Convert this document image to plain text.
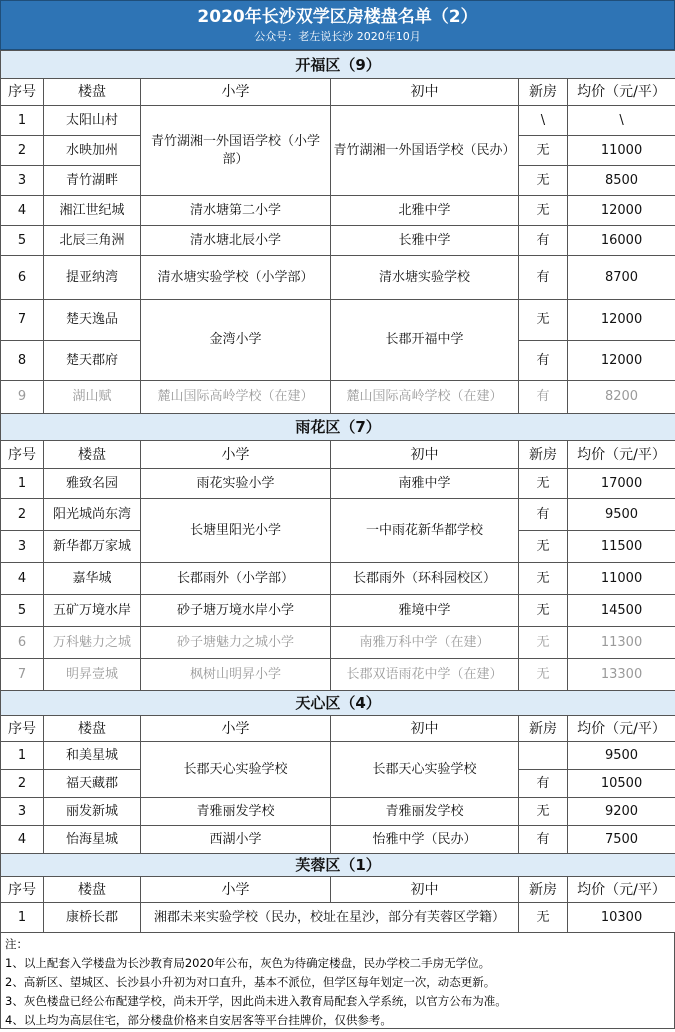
2020年长沙双学区房楼盘名单（2）
公众号：老左说长沙 2020年10月
开福区（9）					
序号	楼盘	小学	初中	新房	均价（元/平）
1	太阳山村	青竹湖湘一外国语学校（小学部）	青竹湖湘一外国语学校（民办）	\	\
2	水映加州			无	11000
3	青竹湖畔			无	8500
4	湘江世纪城	清水塘第二小学	北雅中学	无	12000
5	北辰三角洲	清水塘北辰小学	长雅中学	有	16000
6	提亚纳湾	清水塘实验学校（小学部）	清水塘实验学校	有	8700
7	楚天逸品	金湾小学	长郡开福中学	无	12000
8	楚天郡府			有	12000
9	湖山赋	麓山国际高岭学校（在建）	麓山国际高岭学校（在建）	有	8200
雨花区（7）					
序号	楼盘	小学	初中	新房	均价（元/平）
1	雅致名园	雨花实验小学	南雅中学	无	17000
2	阳光城尚东湾	长塘里阳光小学	一中雨花新华都学校	有	9500
3	新华都万家城			无	11500
4	嘉华城	长郡雨外（小学部）	长郡雨外（环科园校区）	无	11000
5	五矿万境水岸	砂子塘万境水岸小学	雅境中学	无	14500
6	万科魅力之城	砂子塘魅力之城小学	南雅万科中学（在建）	无	11300
7	明昇壹城	枫树山明昇小学	长郡双语雨花中学（在建）	无	13300
天心区（4）					
序号	楼盘	小学	初中	新房	均价（元/平）
1	和美星城	长郡天心实验学校	长郡天心实验学校		9500
2	福天藏郡			有	10500
3	丽发新城	青雅丽发学校	青雅丽发学校	无	9200
4	怡海星城	西湖小学	怡雅中学（民办）	有	7500
芙蓉区（1）					
序号	楼盘	小学	初中	新房	均价（元/平）
1	康桥长郡	湘郡未来实验学校（民办，校址在星沙，部分有芙蓉区学籍）		无	10300
注：
1、以上配套入学楼盘为长沙教育局2020年公布，灰色为待确定楼盘，民办学校二手房无学位。
2、高新区、望城区、长沙县小升初为对口直升，基本不派位，但学区每年划定一次，动态更新。
3、灰色楼盘已经公布配建学校，尚未开学，因此尚未进入教育局配套入学系统，以官方公布为准。
4、以上均为高层住宅，部分楼盘价格来自安居客等平台挂牌价，仅供参考。
